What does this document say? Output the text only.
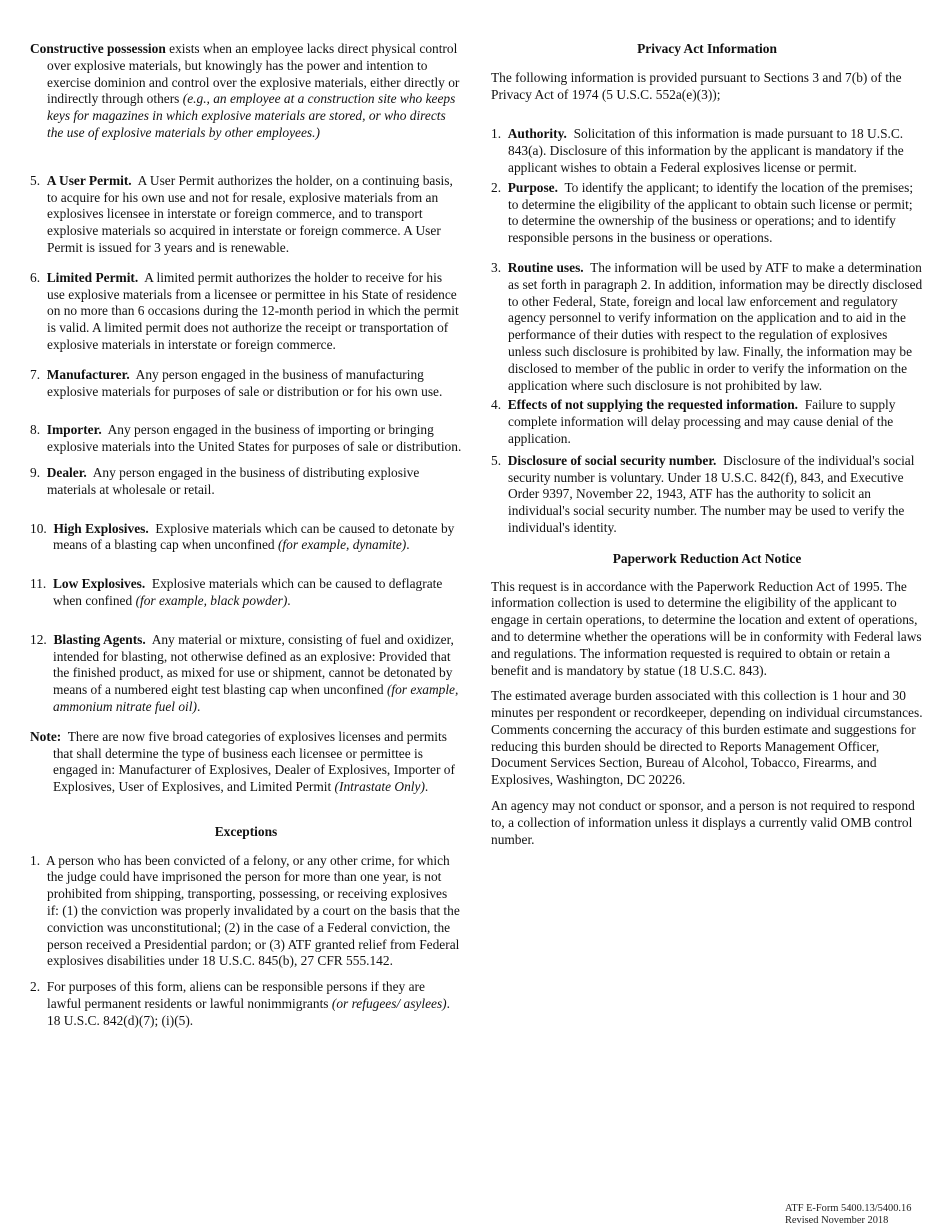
Constructive possession exists when an employee lacks direct physical control over explosive materials, but knowingly has the power and intention to exercise dominion and control over the explosive materials, either directly or indirectly through others (e.g., an employee at a construction site who keeps keys for magazines in which explosive materials are stored, or who directs the use of explosive materials by other employees.)

5. A User Permit. A User Permit authorizes the holder, on a continuing basis, to acquire for his own use and not for resale, explosive materials from an explosives licensee in interstate or foreign commerce, and to transport explosive materials so acquired in interstate or foreign commerce. A User Permit is issued for 3 years and is renewable.

6. Limited Permit. A limited permit authorizes the holder to receive for his use explosive materials from a licensee or permittee in his State of residence on no more than 6 occasions during the 12-month period in which the permit is valid. A limited permit does not authorize the receipt or transportation of explosive materials in interstate or foreign commerce.

7. Manufacturer. Any person engaged in the business of manufacturing explosive materials for purposes of sale or distribution or for his own use.

8. Importer. Any person engaged in the business of importing or bringing explosive materials into the United States for purposes of sale or distribution.

9. Dealer. Any person engaged in the business of distributing explosive materials at wholesale or retail.

10. High Explosives. Explosive materials which can be caused to detonate by means of a blasting cap when unconfined (for example, dynamite).

11. Low Explosives. Explosive materials which can be caused to deflagrate when confined (for example, black powder).

12. Blasting Agents. Any material or mixture, consisting of fuel and oxidizer, intended for blasting, not otherwise defined as an explosive: Provided that the finished product, as mixed for use or shipment, cannot be detonated by means of a numbered eight test blasting cap when unconfined (for example, ammonium nitrate fuel oil).

Note: There are now five broad categories of explosives licenses and permits that shall determine the type of business each licensee or permittee is engaged in: Manufacturer of Explosives, Dealer of Explosives, Importer of Explosives, User of Explosives, and Limited Permit (Intrastate Only).

Exceptions

1. A person who has been convicted of a felony, or any other crime, for which the judge could have imprisoned the person for more than one year, is not prohibited from shipping, transporting, possessing, or receiving explosives if: (1) the conviction was properly invalidated by a court on the basis that the conviction was unconstitutional; (2) in the case of a Federal conviction, the person received a Presidential pardon; or (3) ATF granted relief from Federal explosives disabilities under 18 U.S.C. 845(b), 27 CFR 555.142.

2. For purposes of this form, aliens can be responsible persons if they are lawful permanent residents or lawful nonimmigrants (or refugees/ asylees). 18 U.S.C. 842(d)(7); (i)(5).

Privacy Act Information

The following information is provided pursuant to Sections 3 and 7(b) of the Privacy Act of 1974 (5 U.S.C. 552a(e)(3));

1. Authority. Solicitation of this information is made pursuant to 18 U.S.C. 843(a). Disclosure of this information by the applicant is mandatory if the applicant wishes to obtain a Federal explosives license or permit.

2. Purpose. To identify the applicant; to identify the location of the premises; to determine the eligibility of the applicant to obtain such license or permit; to determine the ownership of the business or operations; and to identify responsible persons in the business or operations.

3. Routine uses. The information will be used by ATF to make a determination as set forth in paragraph 2. In addition, information may be directly disclosed to other Federal, State, foreign and local law enforcement and regulatory agency personnel to verify information on the application and to aid in the performance of their duties with respect to the regulation of explosives unless such disclosure is prohibited by law. Finally, the information may be disclosed to member of the public in order to verify the information on the application where such disclosure is not prohibited by law.

4. Effects of not supplying the requested information. Failure to supply complete information will delay processing and may cause denial of the application.

5. Disclosure of social security number. Disclosure of the individual's social security number is voluntary. Under 18 U.S.C. 842(f), 843, and Executive Order 9397, November 22, 1943, ATF has the authority to solicit an individual's social security number. The number may be used to verify the individual's identity.

Paperwork Reduction Act Notice

This request is in accordance with the Paperwork Reduction Act of 1995. The information collection is used to determine the eligibility of the applicant to engage in certain operations, to determine the location and extent of operations, and to determine whether the operations will be in conformity with Federal laws and regulations. The information requested is required to obtain or retain a benefit and is mandatory by statue (18 U.S.C. 843).

The estimated average burden associated with this collection is 1 hour and 30 minutes per respondent or recordkeeper, depending on individual circumstances. Comments concerning the accuracy of this burden estimate and suggestions for reducing this burden should be directed to Reports Management Officer, Document Services Section, Bureau of Alcohol, Tobacco, Firearms, and Explosives, Washington, DC 20226.

An agency may not conduct or sponsor, and a person is not required to respond to, a collection of information unless it displays a currently valid OMB control number.

ATF E-Form 5400.13/5400.16
Revised November 2018
